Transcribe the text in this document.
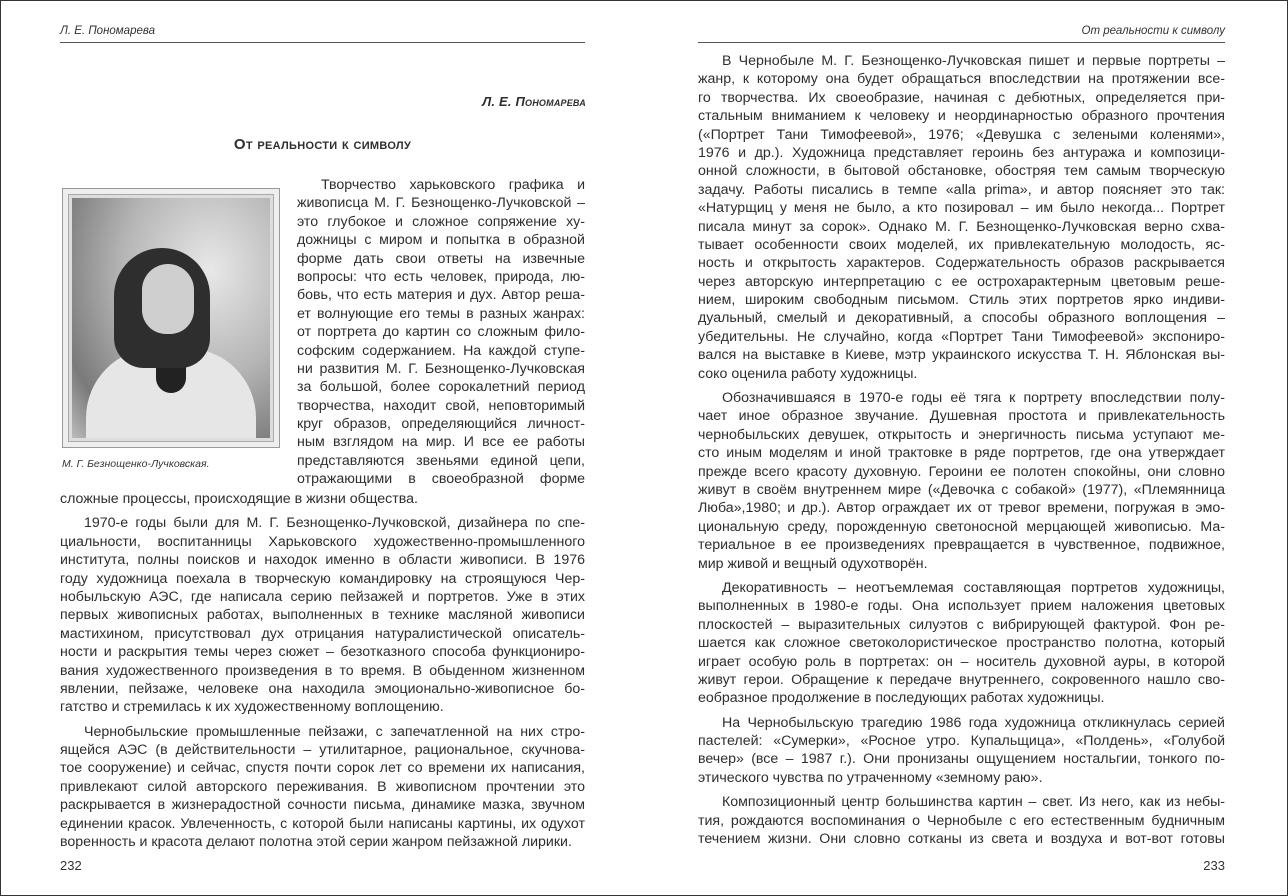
Л. Е. Пономарева
Л. Е. Пономарева
От реальности к символу
М. Г. Безнощенко-Лучковская.
Творчество харьковского графика и
живописца М. Г. Безнощенко-Лучковской –
это глубокое и сложное сопряжение ху-
дожницы с миром и попытка в образной
форме дать свои ответы на извечные
вопросы: что есть человек, природа, лю-
бовь, что есть материя и дух. Автор реша-
ет волнующие его темы в разных жанрах:
от портрета до картин со сложным фило-
софским содержанием. На каждой ступе-
ни развития М. Г. Безнощенко-Лучковская
за большой, более сорокалетний период
творчества, находит свой, неповторимый
круг образов, определяющийся личност-
ным взглядом на мир. И все ее работы
представляются звеньями единой цепи,
отражающими в своеобразной форме
сложные процессы, происходящие в жизни общества.
1970-е годы были для М. Г. Безнощенко-Лучковской, дизайнера по спе-
циальности, воспитанницы Харьковского художественно-промышленного
института, полны поисков и находок именно в области живописи. В 1976
году художница поехала в творческую командировку на строящуюся Чер-
нобыльскую АЭС, где написала серию пейзажей и портретов. Уже в этих
первых живописных работах, выполненных в технике масляной живописи
мастихином, присутствовал дух отрицания натуралистической описатель-
ности и раскрытия темы через сюжет – безотказного способа функциониро-
вания художественного произведения в то время. В обыденном жизненном
явлении, пейзаже, человеке она находила эмоционально-живописное бо-
гатство и стремилась к их художественному воплощению.
Чернобыльские промышленные пейзажи, с запечатленной на них стро-
ящейся АЭС (в действительности – утилитарное, рациональное, скучнова-
тое сооружение) и сейчас, спустя почти сорок лет со времени их написания,
привлекают силой авторского переживания. В живописном прочтении это
раскрывается в жизнерадостной сочности письма, динамике мазка, звучном
единении красок. Увлеченность, с которой были написаны картины, их одухот
воренность и красота делают полотна этой серии жанром пейзажной лирики.
232
От реальности к символу
В Чернобыле М. Г. Безнощенко-Лучковская пишет и первые портреты –
жанр, к которому она будет обращаться впоследствии на протяжении все-
го творчества. Их своеобразие, начиная с дебютных, определяется при-
стальным вниманием к человеку и неординарностью образного прочтения
(«Портрет Тани Тимофеевой», 1976; «Девушка с зелеными коленями»,
1976 и др.). Художница представляет героинь без антуража и композици-
онной сложности, в бытовой обстановке, обостряя тем самым творческую
задачу. Работы писались в темпе «alla prima», и автор поясняет это так:
«Натурщиц у меня не было, а кто позировал – им было некогда... Портрет
писала минут за сорок». Однако М. Г. Безнощенко-Лучковская верно схва-
тывает особенности своих моделей, их привлекательную молодость, яс-
ность и открытость характеров. Содержательность образов раскрывается
через авторскую интерпретацию с ее острохарактерным цветовым реше-
нием, широким свободным письмом. Стиль этих портретов ярко индиви-
дуальный, смелый и декоративный, а способы образного воплощения –
убедительны. Не случайно, когда «Портрет Тани Тимофеевой» экспониро-
вался на выставке в Киеве, мэтр украинского искусства Т. Н. Яблонская вы-
соко оценила работу художницы.
Обозначившаяся в 1970-е годы её тяга к портрету впоследствии полу-
чает иное образное звучание. Душевная простота и привлекательность
чернобыльских девушек, открытость и энергичность письма уступают ме-
сто иным моделям и иной трактовке в ряде портретов, где она утверждает
прежде всего красоту духовную. Героини ее полотен спокойны, они словно
живут в своём внутреннем мире («Девочка с собакой» (1977), «Племянница
Люба»,1980; и др.). Автор ограждает их от тревог времени, погружая в эмо-
циональную среду, порожденную светоносной мерцающей живописью. Ма-
териальное в ее произведениях превращается в чувственное, подвижное,
мир живой и вещный одухотворён.
Декоративность – неотъемлемая составляющая портретов художницы,
выполненных в 1980-е годы. Она использует прием наложения цветовых
плоскостей – выразительных силуэтов с вибрирующей фактурой. Фон ре-
шается как сложное светоколористическое пространство полотна, который
играет особую роль в портретах: он – носитель духовной ауры, в которой
живут герои. Обращение к передаче внутреннего, сокровенного нашло сво-
еобразное продолжение в последующих работах художницы.
На Чернобыльскую трагедию 1986 года художница откликнулась серией
пастелей: «Сумерки», «Росное утро. Купальщица», «Полдень», «Голубой
вечер» (все – 1987 г.). Они пронизаны ощущением ностальгии, тонкого по-
этического чувства по утраченному «земному раю».
Композиционный центр большинства картин – свет. Из него, как из небы-
тия, рождаются воспоминания о Чернобыле с его естественным будничным
течением жизни. Они словно сотканы из света и воздуха и вот-вот готовы
233
